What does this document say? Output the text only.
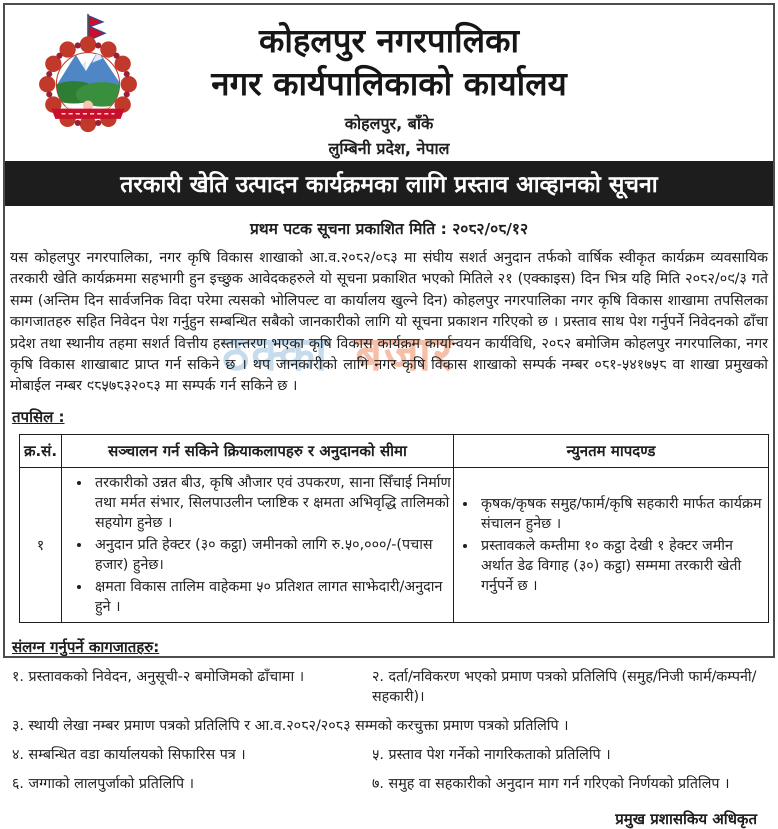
ठक्का बजार
कोहलपुर नगरपालिका
नगर कार्यपालिकाको कार्यालय
कोहलपुर, बाँके
लुम्बिनी प्रदेश, नेपाल
तरकारी खेति उत्पादन कार्यक्रमका लागि प्रस्ताव आव्हानको सूचना
प्रथम पटक सूचना प्रकाशित मिति : २०८२/०८/१२

यस कोहलपुर नगरपालिका, नगर कृषि विकास शाखाको आ.व.२०८२/०८३ मा संघीय सशर्त अनुदान तर्फको वार्षिक स्वीकृत कार्यक्रम व्यवसायिक तरकारी खेति कार्यक्रममा सहभागी हुन इच्छुक आवेदकहरुले यो सूचना प्रकाशित भएको मितिले २१ (एक्काइस) दिन भित्र यहि मिति २०८२/०९/३ गते सम्म (अन्तिम दिन सार्वजनिक विदा परेमा त्यसको भोलिपल्ट वा कार्यालय खुल्ने दिन) कोहलपुर नगरपालिका नगर कृषि विकास शाखामा तपसिलका कागजातहरु सहित निवेदन पेश गर्नुहुन सम्बन्धित सबैको जानकारीको लागि यो सूचना प्रकाशन गरिएको छ । प्रस्ताव साथ पेश गर्नुपर्ने निवेदनको ढाँचा प्रदेश तथा स्थानीय तहमा सशर्त वित्तीय हस्तान्तरण भएका कृषि विकास कार्यक्रम कार्यान्वयन कार्यविधि, २०८२ बमोजिम कोहलपुर नगरपालिका, नगर कृषि विकास शाखाबाट प्राप्त गर्न सकिने छ । थप जानकारीको लागि नगर कृषि विकास शाखाको सम्पर्क नम्बर ०८१-५४१७५८ वा शाखा प्रमुखको मोबाईल नम्बर ९८५७८३२०८३ मा सम्पर्क गर्न सकिने छ ।

तपसिल :
क्र.सं.	सञ्चालन गर्न सकिने क्रियाकलापहरु र अनुदानको सीमा	न्युनतम मापदण्ड
१	
• तरकारीको उन्नत बीउ, कृषि औजार एवं उपकरण, साना सिँचाई निर्माण तथा मर्मत संभार, सिलपाउलीन प्लाष्टिक र क्षमता अभिवृद्धि तालिमको सहयोग हुनेछ ।
• अनुदान प्रति हेक्टर (३० कट्ठा) जमीनको लागि रु.५०,०००/-(पचास हजार) हुनेछ।
• क्षमता विकास तालिम वाहेकमा ५० प्रतिशत लागत साझेदारी/अनुदान हुने ।

• कृषक/कृषक समुह/फार्म/कृषि सहकारी मार्फत कार्यक्रम संचालन हुनेछ ।
• प्रस्तावकले कम्तीमा १० कट्ठा देखी १ हेक्टर जमीन अर्थात डेढ विगाह (३०) कट्ठा) सम्ममा तरकारी खेती गर्नुपर्ने छ ।
संलग्न गर्नुपर्ने कागजातहरु:
१. प्रस्तावकको निवेदन, अनुसूची-२ बमोजिमको ढाँचामा ।	२. दर्ता/नविकरण भएको प्रमाण पत्रको प्रतिलिपि (समुह/निजी फार्म/कम्पनी/ सहकारी)।
३. स्थायी लेखा नम्बर प्रमाण पत्रको प्रतिलिपि र आ.व.२०८२/२०८३ सम्मको करचुक्ता प्रमाण पत्रको प्रतिलिपि ।
४. सम्बन्धित वडा कार्यालयको सिफारिस पत्र ।	५. प्रस्ताव पेश गर्नेको नागरिकताको प्रतिलिपि ।
६. जग्गाको लालपुर्जाको प्रतिलिपि ।	७. समुह वा सहकारीको अनुदान माग गर्न गरिएको निर्णयको प्रतिलिप ।
प्रमुख प्रशासकिय अधिकृत
